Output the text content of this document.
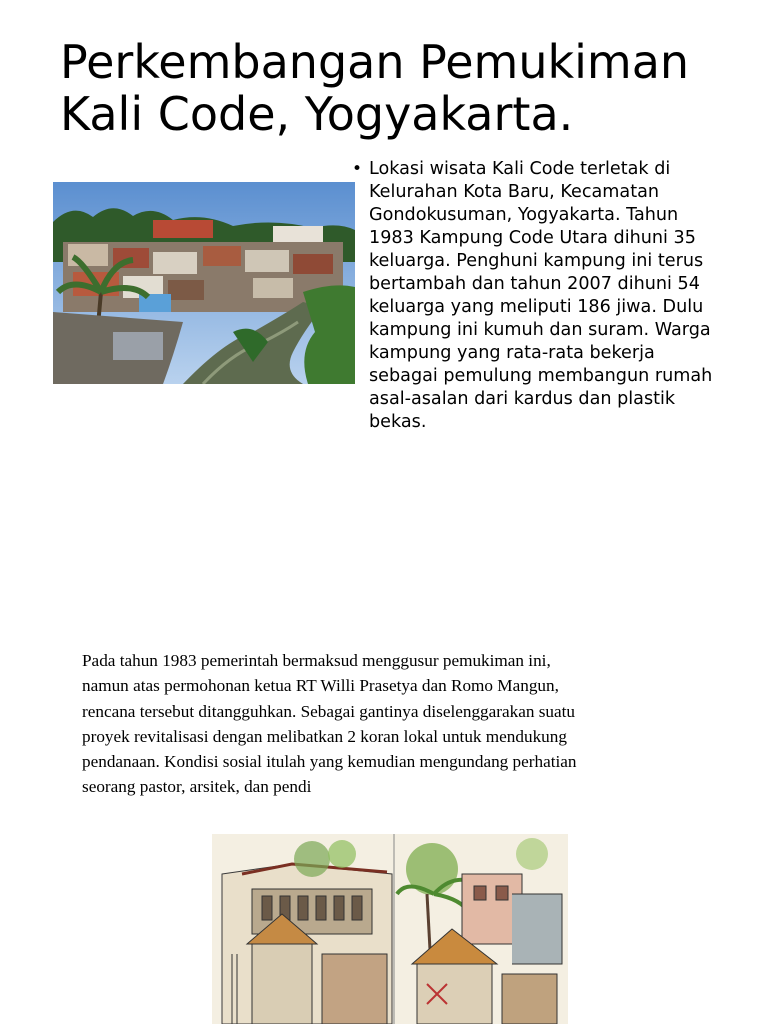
Perkembangan Pemukiman
Kali Code, Yogyakarta.
• Lokasi wisata Kali Code terletak di Kelurahan Kota Baru, Kecamatan Gondokusuman, Yogyakarta. Tahun 1983 Kampung Code Utara dihuni 35 keluarga. Penghuni kampung ini terus bertambah dan tahun 2007 dihuni 54 keluarga yang meliputi 186 jiwa. Dulu kampung ini kumuh dan suram. Warga kampung yang rata-rata bekerja sebagai pemulung membangun rumah asal-asalan dari kardus dan plastik bekas.

Pada tahun 1983 pemerintah bermaksud menggusur pemukiman ini, namun atas permohonan ketua RT Willi Prasetya dan Romo Mangun, rencana tersebut ditangguhkan. Sebagai gantinya diselenggarakan suatu proyek revitalisasi dengan melibatkan 2 koran lokal untuk mendukung pendanaan. Kondisi sosial itulah yang kemudian mengundang perhatian seorang pastor, arsitek, dan pendi
